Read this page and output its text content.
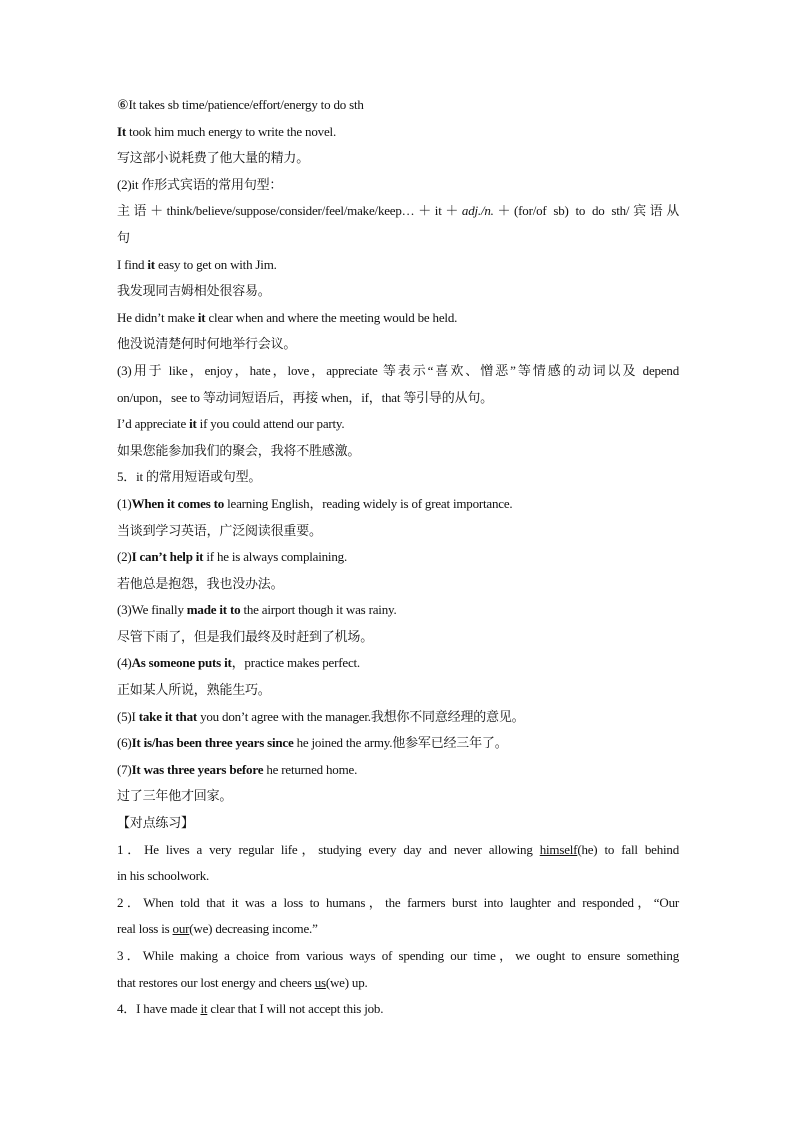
⑥It takes sb time/patience/effort/energy to do sth
It took him much energy to write the novel.
写这部小说耗费了他大量的精力。
(2)it 作形式宾语的常用句型：
主语＋think/believe/suppose/consider/feel/make/keep…＋it＋adj./n.＋(for/of sb) to do sth/宾语从
句
I find it easy to get on with Jim.
我发现同吉姆相处很容易。
He didn’t make it clear when and where the meeting would be held.
他没说清楚何时何地举行会议。
(3)用于 like，enjoy，hate，love，appreciate 等表示“喜欢、憎恶”等情感的动词以及 depend
on/upon，see to 等动词短语后，再接 when，if，that 等引导的从句。
I’d appreciate it if you could attend our party.
如果您能参加我们的聚会，我将不胜感激。
5．it 的常用短语或句型。
(1)When it comes to learning English，reading widely is of great importance.
当谈到学习英语，广泛阅读很重要。
(2)I can’t help it if he is always complaining.
若他总是抱怨，我也没办法。
(3)We finally made it to the airport though it was rainy.
尽管下雨了，但是我们最终及时赶到了机场。
(4)As someone puts it，practice makes perfect.
正如某人所说，熟能生巧。
(5)I take it that you don’t agree with the manager.我想你不同意经理的意见。
(6)It is/has been three years since he joined the army.他参军已经三年了。
(7)It was three years before he returned home.
过了三年他才回家。
【对点练习】
1．He lives a very regular life，studying every day and never allowing himself(he) to fall behind
in his schoolwork.
2．When told that it was a loss to humans，the farmers burst into laughter and responded，“Our
real loss is our(we) decreasing income.”
3．While making a choice from various ways of spending our time，we ought to ensure something
that restores our lost energy and cheers us(we) up.
4．I have made it clear that I will not accept this job.
